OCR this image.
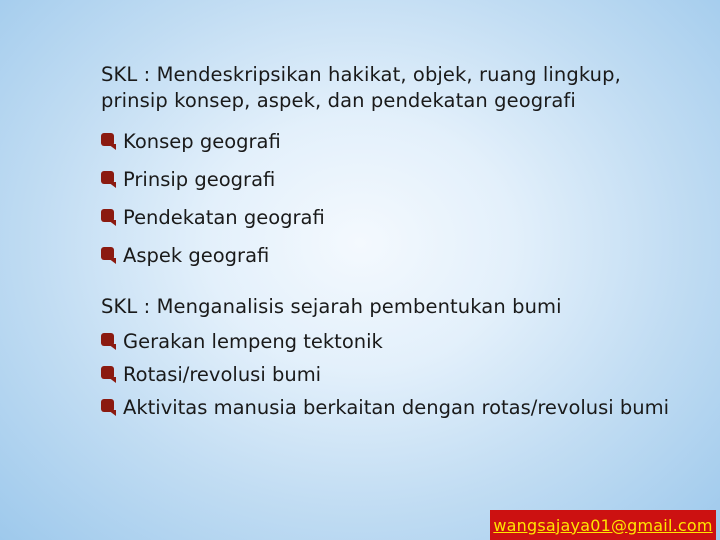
SKL : Mendeskripsikan hakikat, objek, ruang lingkup,
prinsip konsep, aspek, dan pendekatan geografi

Konsep geografi
Prinsip geografi
Pendekatan geografi
Aspek geografi

SKL : Menganalisis sejarah pembentukan bumi

Gerakan lempeng tektonik
Rotasi/revolusi bumi
Aktivitas manusia berkaitan dengan rotas/revolusi bumi
wangsajaya01@gmail.com
